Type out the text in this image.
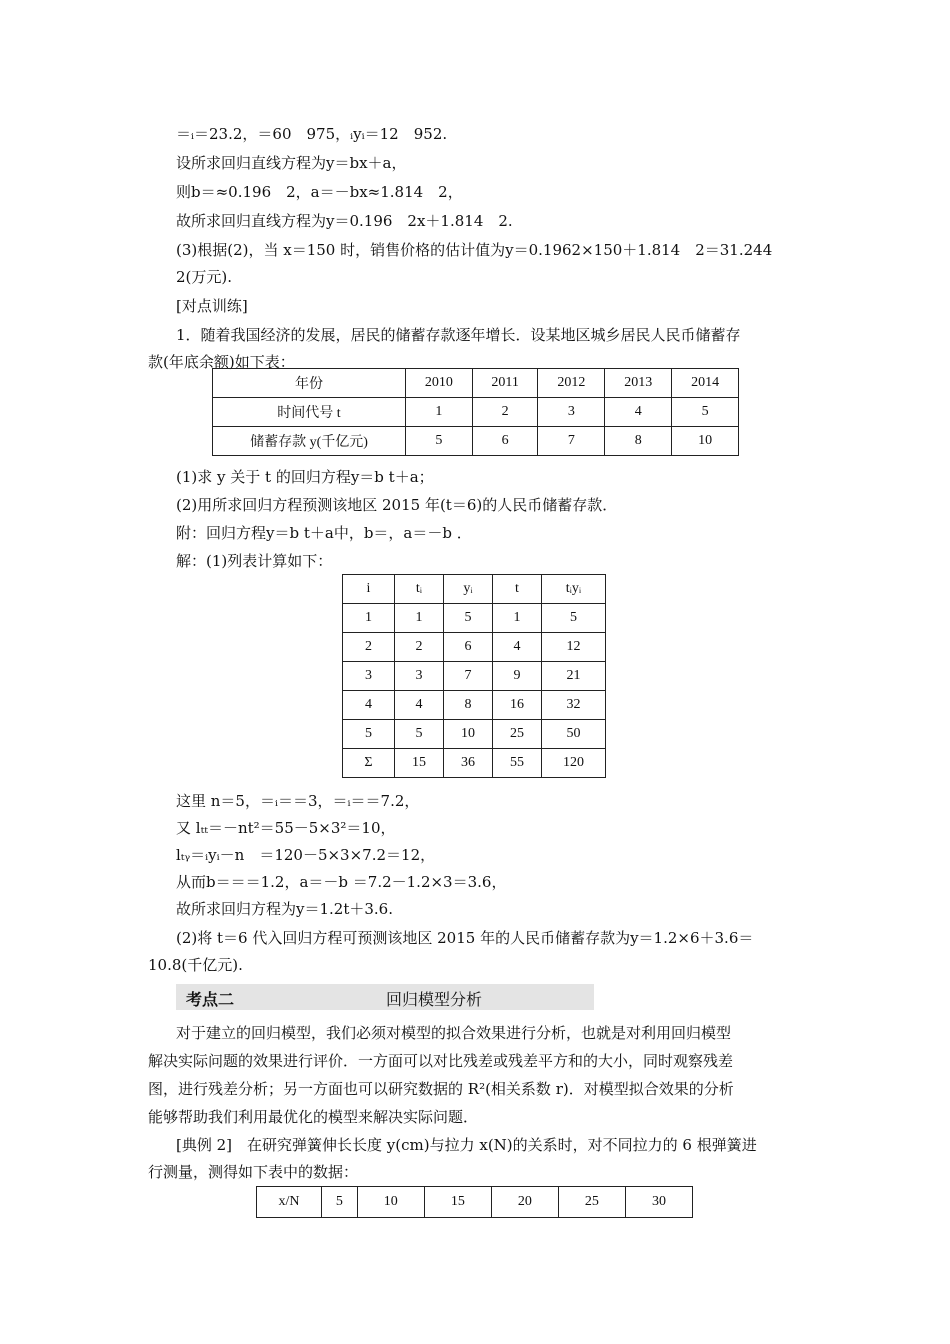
＝ᵢ＝23.2，＝60　975，ᵢyᵢ＝12　952.
设所求回归直线方程为y＝bx＋a，
则b＝≈0.196　2，a＝－bx≈1.814　2，
故所求回归直线方程为y＝0.196　2x＋1.814　2.
(3)根据(2)，当 x＝150 时，销售价格的估计值为y＝0.1962×150＋1.814　2＝31.244
2(万元).
[对点训练]
1．随着我国经济的发展，居民的储蓄存款逐年增长．设某地区城乡居民人民币储蓄存
款(年底余额)如下表：
年份	2010	2011	2012	2013	2014
时间代号 t	1	2	3	4	5
储蓄存款 y(千亿元)	5	6	7	8	10
(1)求 y 关于 t 的回归方程y＝b t＋a；
(2)用所求回归方程预测该地区 2015 年(t＝6)的人民币储蓄存款．
附：回归方程y＝b t＋a中，b＝，a＝－b ．
解：(1)列表计算如下：
i	tᵢ	yᵢ	t	tᵢyᵢ
1	1	5	1	5
2	2	6	4	12
3	3	7	9	21
4	4	8	16	32
5	5	10	25	50
Σ	15	36	55	120
这里 n＝5，＝ᵢ＝＝3，＝ᵢ＝＝7.2，
又 lₜₜ＝－nt²＝55－5×3²＝10，
lₜᵧ＝ᵢyᵢ－n　＝120－5×3×7.2＝12，
从而b＝＝＝1.2，a＝－b ＝7.2－1.2×3＝3.6，
故所求回归方程为y＝1.2t＋3.6.
(2)将 t＝6 代入回归方程可预测该地区 2015 年的人民币储蓄存款为y＝1.2×6＋3.6＝
10.8(千亿元).
考点二	回归模型分析
对于建立的回归模型，我们必须对模型的拟合效果进行分析，也就是对利用回归模型
解决实际问题的效果进行评价．一方面可以对比残差或残差平方和的大小，同时观察残差
图，进行残差分析；另一方面也可以研究数据的 R²(相关系数 r)．对模型拟合效果的分析
能够帮助我们利用最优化的模型来解决实际问题．
[典例 2]　在研究弹簧伸长长度 y(cm)与拉力 x(N)的关系时，对不同拉力的 6 根弹簧进
行测量，测得如下表中的数据：
x/N	5	10	15	20	25	30
